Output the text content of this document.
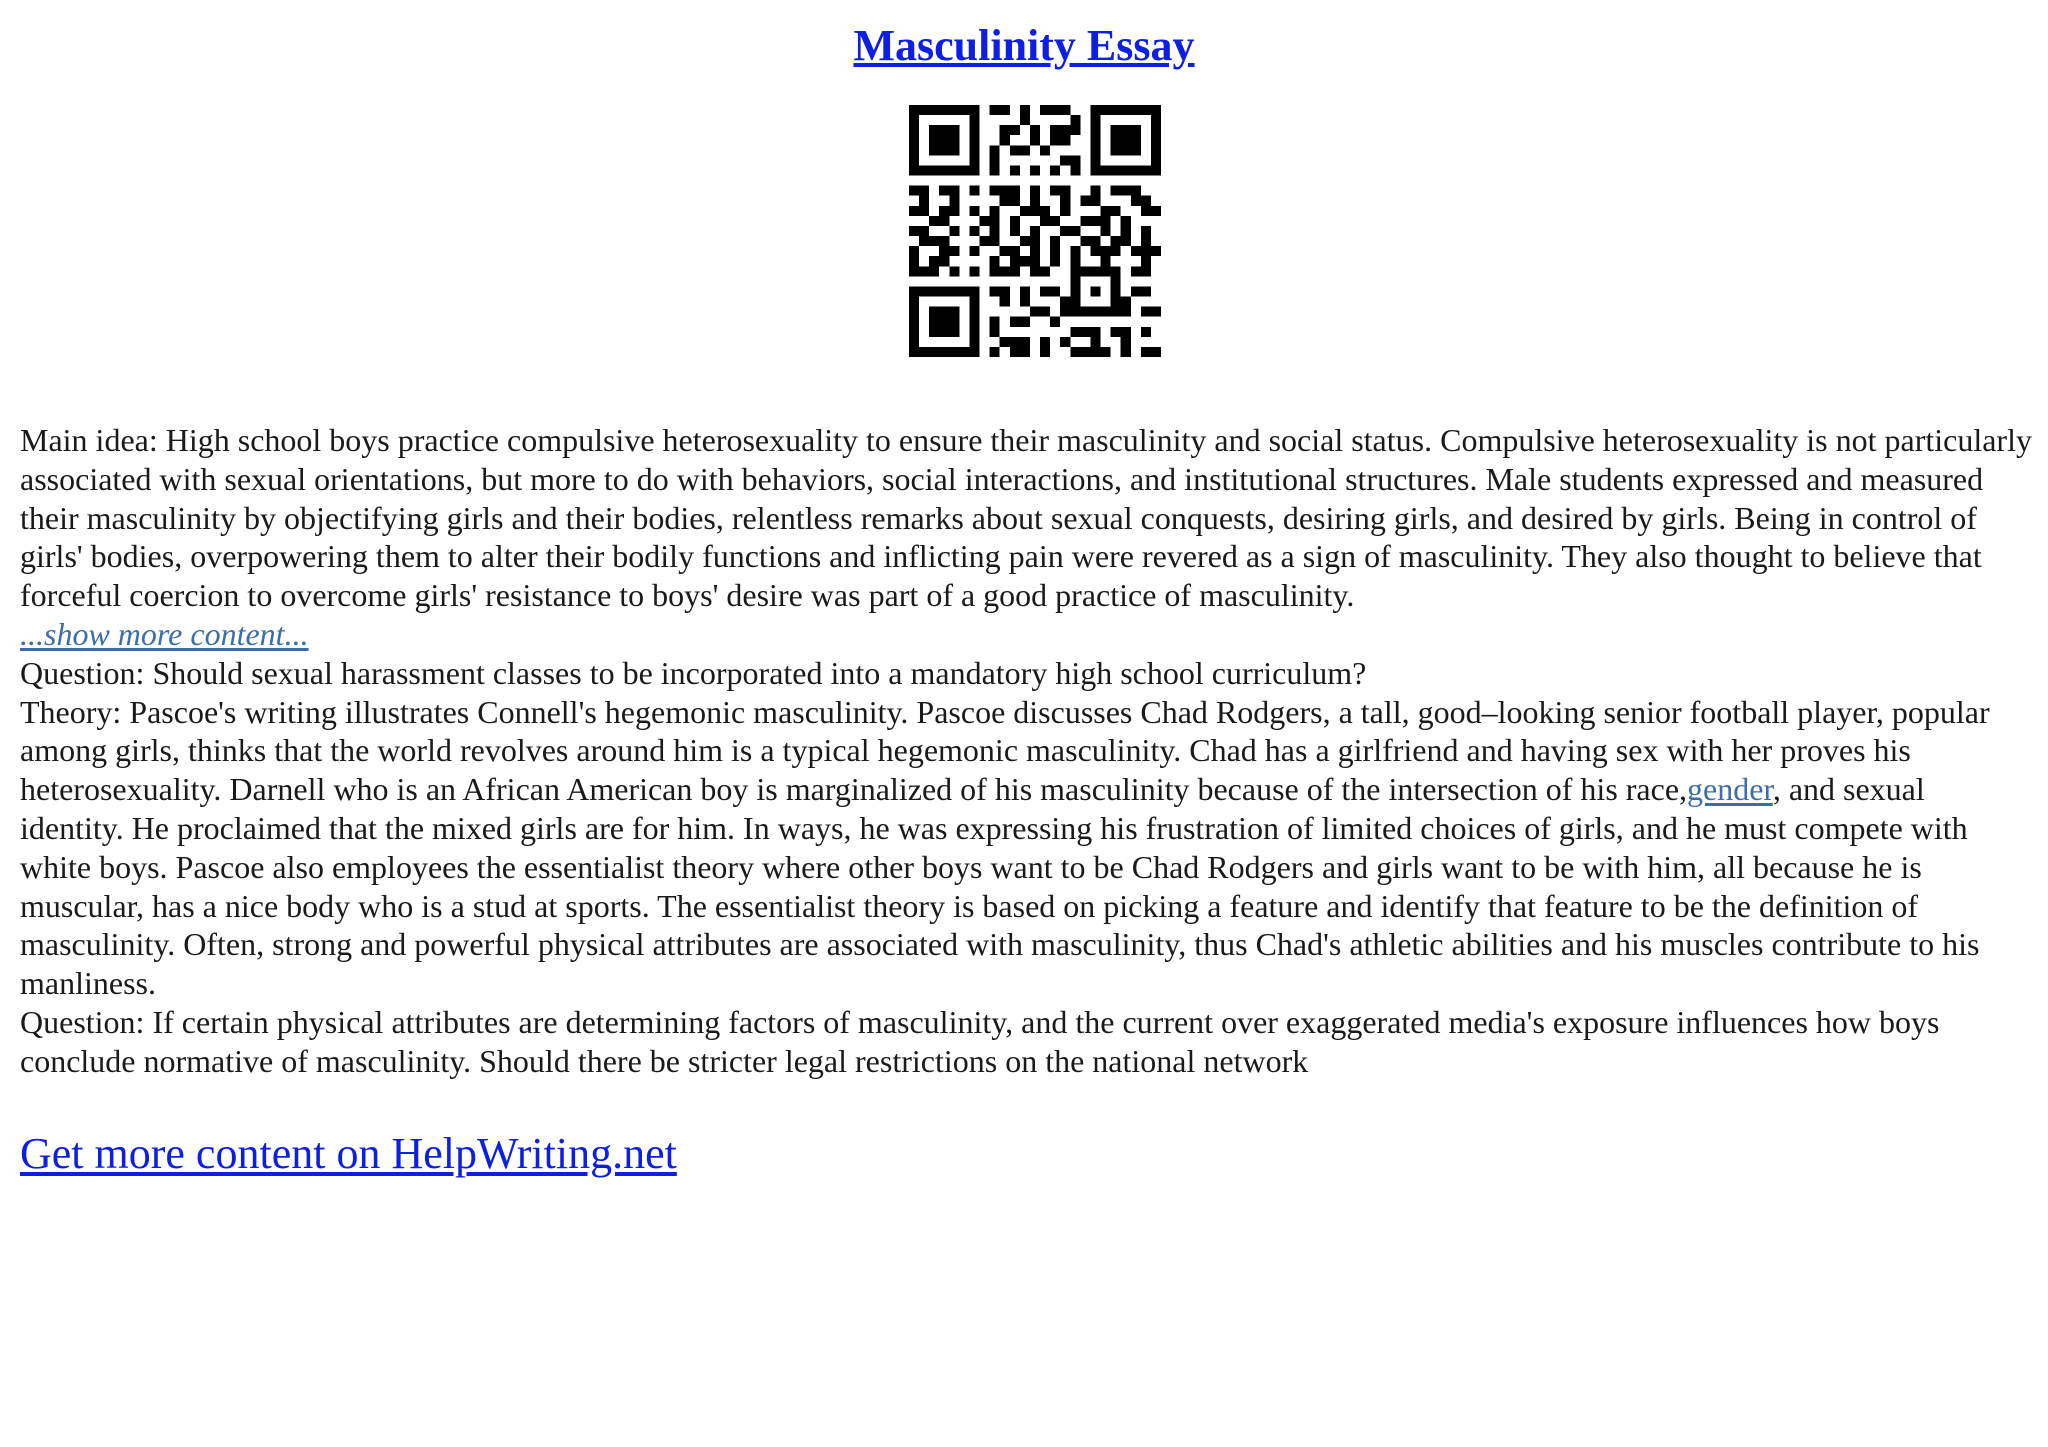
Masculinity Essay

Main idea: High school boys practice compulsive heterosexuality to ensure their masculinity and social status. Compulsive heterosexuality is not particularly associated with sexual orientations, but more to do with behaviors, social interactions, and institutional structures. Male students expressed and measured their masculinity by objectifying girls and their bodies, relentless remarks about sexual conquests, desiring girls, and desired by girls. Being in control of girls' bodies, overpowering them to alter their bodily functions and inflicting pain were revered as a sign of masculinity. They also thought to believe that forceful coercion to overcome girls' resistance to boys' desire was part of a good practice of masculinity.

...show more content...

Question: Should sexual harassment classes to be incorporated into a mandatory high school curriculum?

Theory: Pascoe's writing illustrates Connell's hegemonic masculinity. Pascoe discusses Chad Rodgers, a tall, good–looking senior football player, popular among girls, thinks that the world revolves around him is a typical hegemonic masculinity. Chad has a girlfriend and having sex with her proves his heterosexuality. Darnell who is an African American boy is marginalized of his masculinity because of the intersection of his race,gender, and sexual identity. He proclaimed that the mixed girls are for him. In ways, he was expressing his frustration of limited choices of girls, and he must compete with white boys. Pascoe also employees the essentialist theory where other boys want to be Chad Rodgers and girls want to be with him, all because he is muscular, has a nice body who is a stud at sports. The essentialist theory is based on picking a feature and identify that feature to be the definition of masculinity. Often, strong and powerful physical attributes are associated with masculinity, thus Chad's athletic abilities and his muscles contribute to his manliness.

Question: If certain physical attributes are determining factors of masculinity, and the current over exaggerated media's exposure influences how boys conclude normative of masculinity. Should there be stricter legal restrictions on the national network

Get more content on HelpWriting.net
